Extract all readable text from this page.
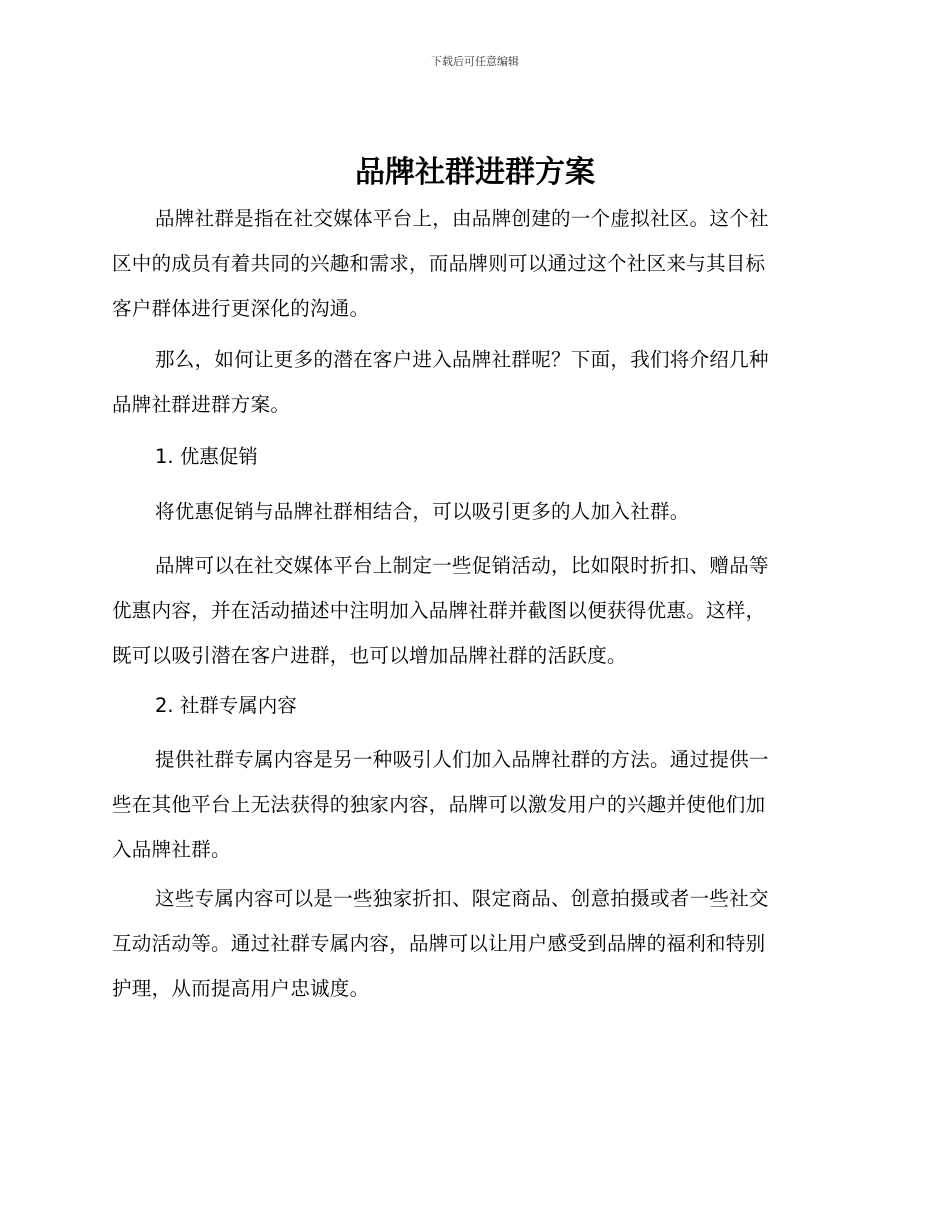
下载后可任意编辑
品牌社群进群方案
品牌社群是指在社交媒体平台上，由品牌创建的一个虚拟社区。这个社
区中的成员有着共同的兴趣和需求，而品牌则可以通过这个社区来与其目标
客户群体进行更深化的沟通。
那么，如何让更多的潜在客户进入品牌社群呢？下面，我们将介绍几种
品牌社群进群方案。
1. 优惠促销
将优惠促销与品牌社群相结合，可以吸引更多的人加入社群。
品牌可以在社交媒体平台上制定一些促销活动，比如限时折扣、赠品等
优惠内容，并在活动描述中注明加入品牌社群并截图以便获得优惠。这样，
既可以吸引潜在客户进群，也可以增加品牌社群的活跃度。
2. 社群专属内容
提供社群专属内容是另一种吸引人们加入品牌社群的方法。通过提供一
些在其他平台上无法获得的独家内容，品牌可以激发用户的兴趣并使他们加
入品牌社群。
这些专属内容可以是一些独家折扣、限定商品、创意拍摄或者一些社交
互动活动等。通过社群专属内容，品牌可以让用户感受到品牌的福利和特别
护理，从而提高用户忠诚度。
